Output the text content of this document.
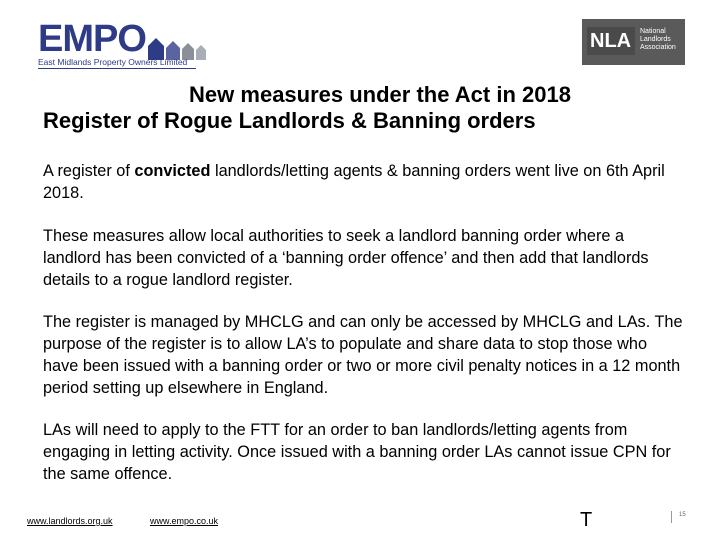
EMPO
East Midlands Property Owners Limited
NLA National
Landlords
Association
New measures under the Act in 2018
Register of Rogue Landlords & Banning orders
A register of convicted landlords/letting agents & banning orders went live on 6th April 2018.
These measures allow local authorities to seek a landlord banning order where a landlord has been convicted of a ‘banning order offence’ and then add that landlords details to a rogue landlord register.
The register is managed by MHCLG and can only be accessed by MHCLG and LAs. The purpose of the register is to allow LA’s to populate and share data to stop those who have been issued with a banning order or two or more civil penalty notices in a 12 month period setting up elsewhere in England.
LAs will need to apply to the FTT for an order to ban landlords/letting agents from engaging in letting activity. Once issued with a banning order LAs cannot issue CPN for the same offence.
www.landlords.org.uk	www.empo.co.uk	T	15
